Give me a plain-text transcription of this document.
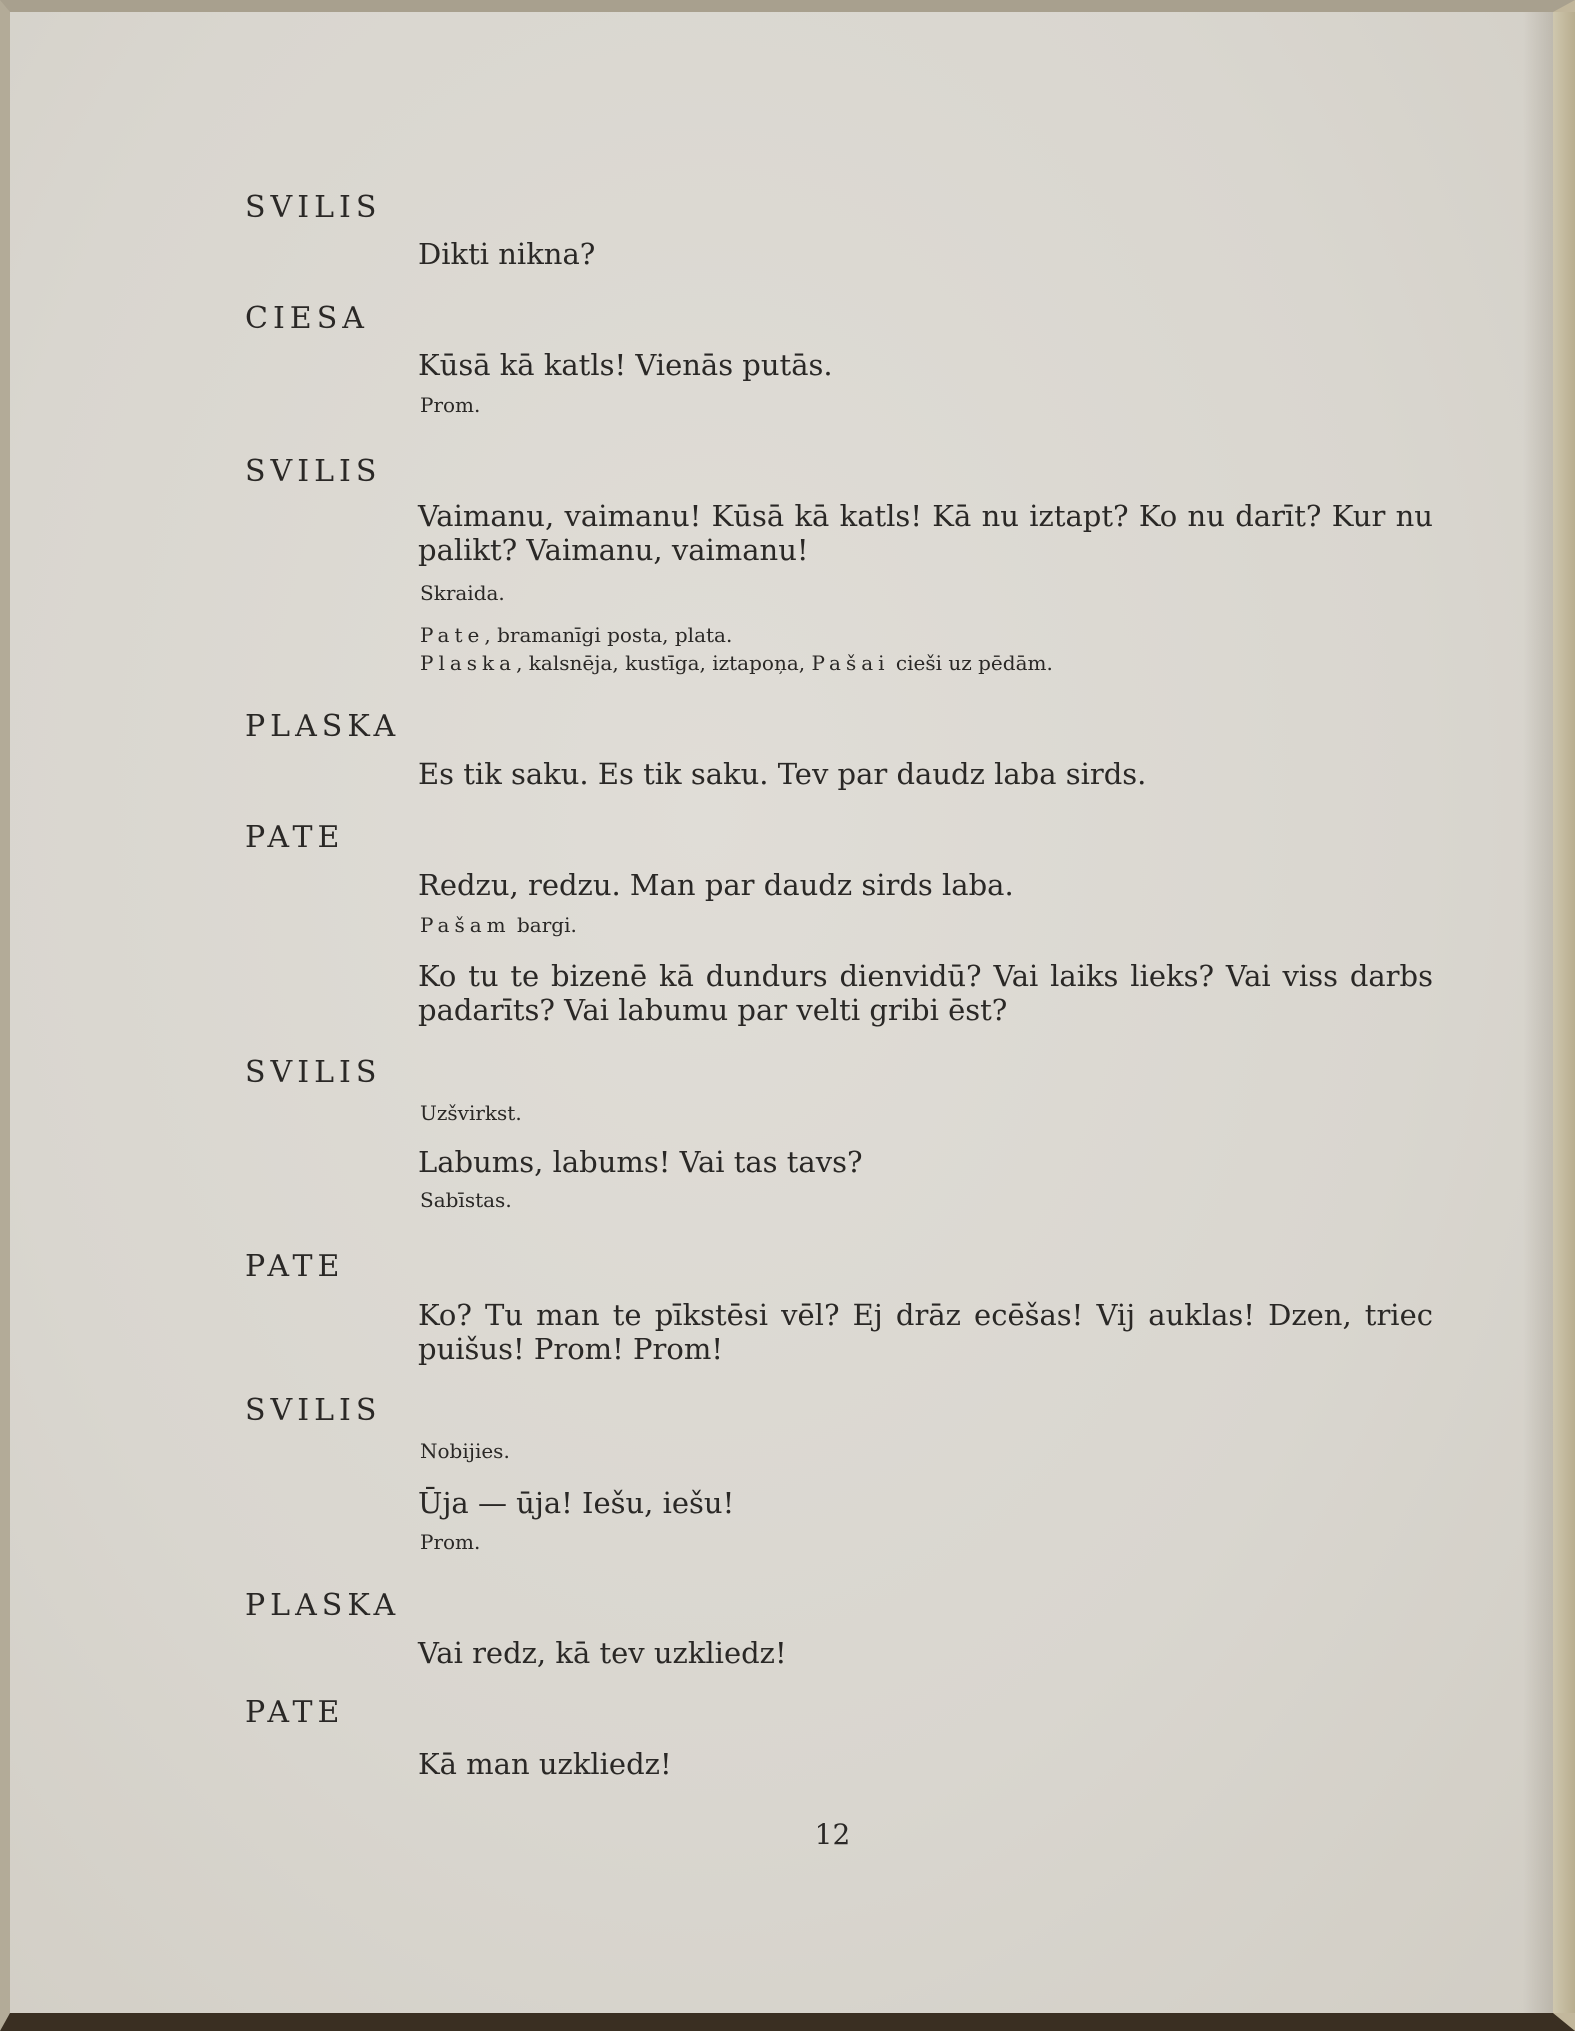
SVILIS
Dikti nikna?
CIESA
Kūsā kā katls! Vienās putās.
Prom.
SVILIS
Vaimanu, vaimanu! Kūsā kā katls! Kā nu iztapt? Ko nu darīt? Kur nu palikt? Vaimanu, vaimanu!
Skraida.
Pate, bramanīgi posta, plata.
Plaska, kalsnēja, kustīga, iztapoņa, Pašai cieši uz pēdām.
PLASKA
Es tik saku. Es tik saku. Tev par daudz laba sirds.
PATE
Redzu, redzu. Man par daudz sirds laba.
Pašam bargi.
Ko tu te bizenē kā dundurs dienvidū? Vai laiks lieks? Vai viss darbs padarīts? Vai labumu par velti gribi ēst?
SVILIS
Uzšvirkst.
Labums, labums! Vai tas tavs?
Sabīstas.
PATE
Ko? Tu man te pīkstēsi vēl? Ej drāz ecēšas! Vij auklas! Dzen, triec puišus! Prom! Prom!
SVILIS
Nobijies.
Ūja — ūja! Iešu, iešu!
Prom.
PLASKA
Vai redz, kā tev uzkliedz!
PATE
Kā man uzkliedz!
12
